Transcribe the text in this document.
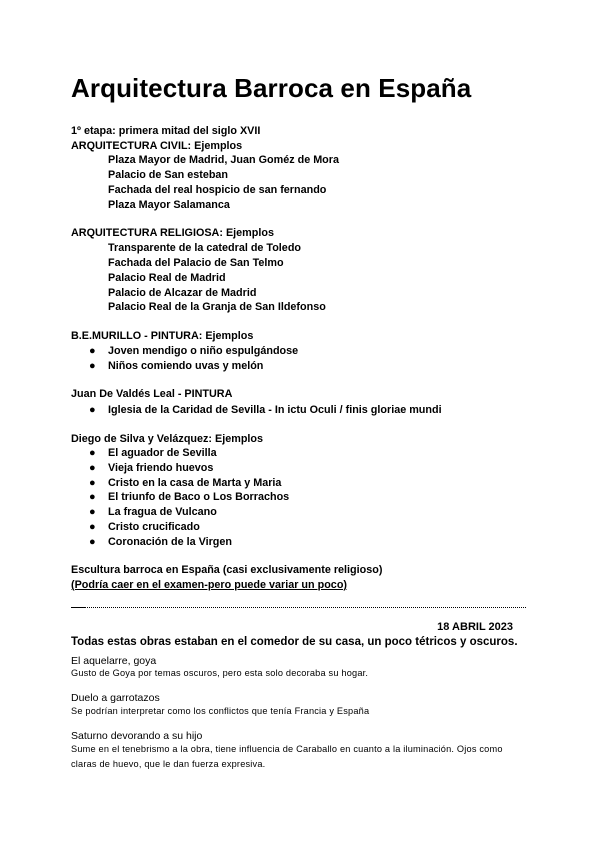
Arquitectura Barroca en España
1º etapa: primera mitad del siglo XVII
ARQUITECTURA CIVIL: Ejemplos
Plaza Mayor de Madrid, Juan Goméz de Mora
Palacio de San esteban
Fachada del real hospicio de san fernando
Plaza Mayor Salamanca
ARQUITECTURA RELIGIOSA: Ejemplos
Transparente de la catedral de Toledo
Fachada del Palacio de San Telmo
Palacio Real de Madrid
Palacio de Alcazar de Madrid
Palacio Real de la Granja de San Ildefonso
B.E.MURILLO - PINTURA: Ejemplos
● Joven mendigo o niño espulgándose
● Niños comiendo uvas y melón
Juan De Valdés Leal - PINTURA
● Iglesia de la Caridad de Sevilla - In ictu Oculi / finis gloriae mundi
Diego de Silva y Velázquez: Ejemplos
● El aguador de Sevilla
● Vieja friendo huevos
● Cristo en la casa de Marta y Maria
● El triunfo de Baco o Los Borrachos
● La fragua de Vulcano
● Cristo crucificado
● Coronación de la Virgen
Escultura barroca en España (casi exclusivamente religioso)
(Podría caer en el examen-pero puede variar un poco)
18 ABRIL 2023
Todas estas obras estaban en el comedor de su casa, un poco tétricos y oscuros.
El aquelarre, goya
Gusto de Goya por temas oscuros, pero esta solo decoraba su hogar.
Duelo a garrotazos
Se podrían interpretar como los conflictos que tenía Francia y España
Saturno devorando a su hijo
Sume en el tenebrismo a la obra, tiene influencia de Caraballo en cuanto a la iluminación. Ojos como
claras de huevo, que le dan fuerza expresiva.
